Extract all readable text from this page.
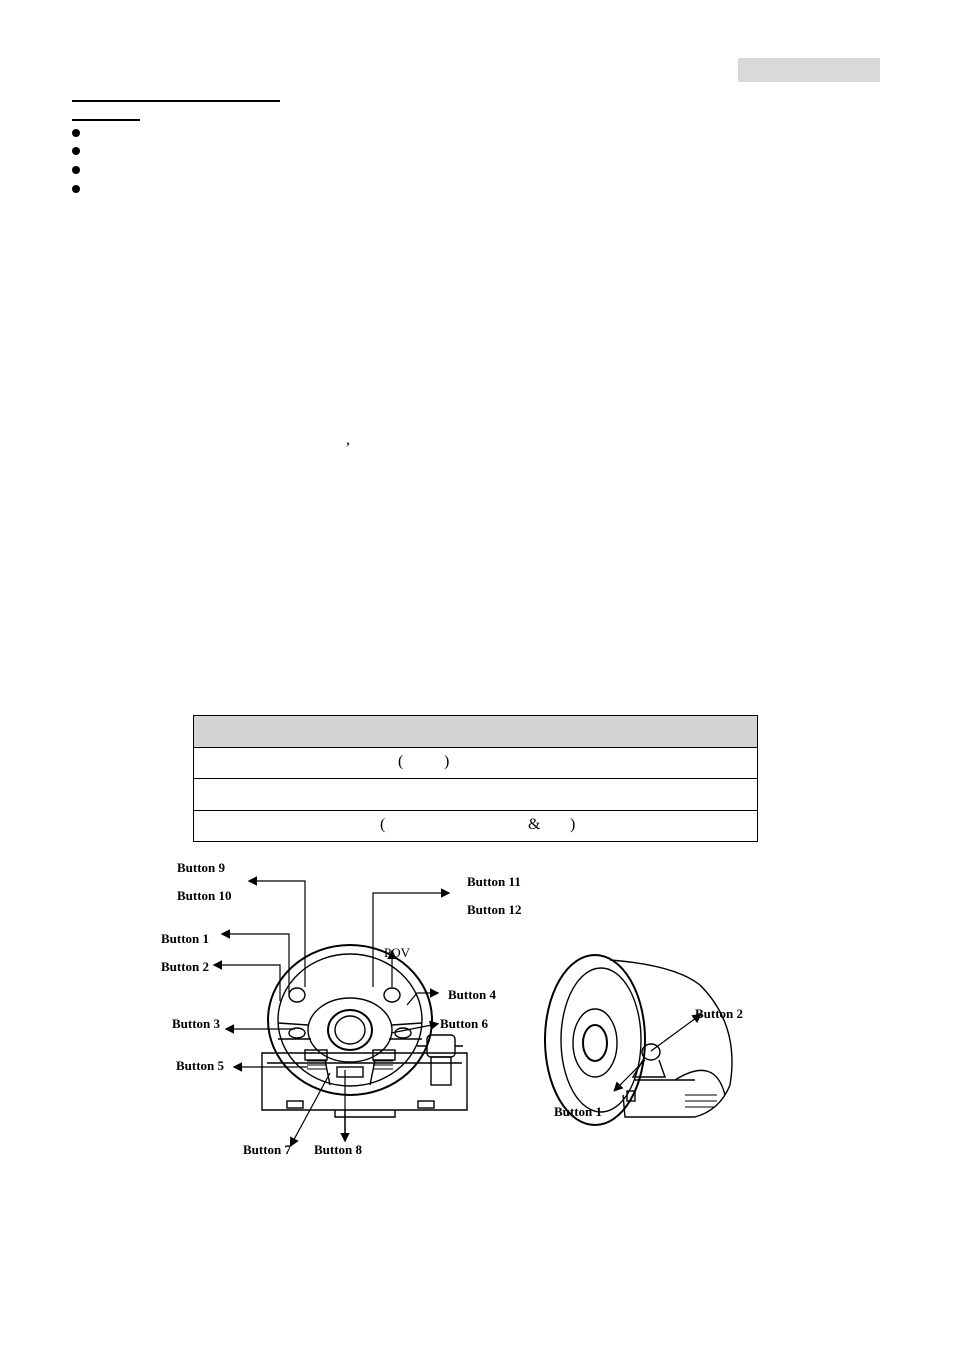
,

(	)

(	& )
Button 9
Button 10
Button 11
Button 12
Button 1
Button 2
POV
Button 4
Button 3	Button 6
Button 5
Button 7 Button 8
Button 2
Button 1
